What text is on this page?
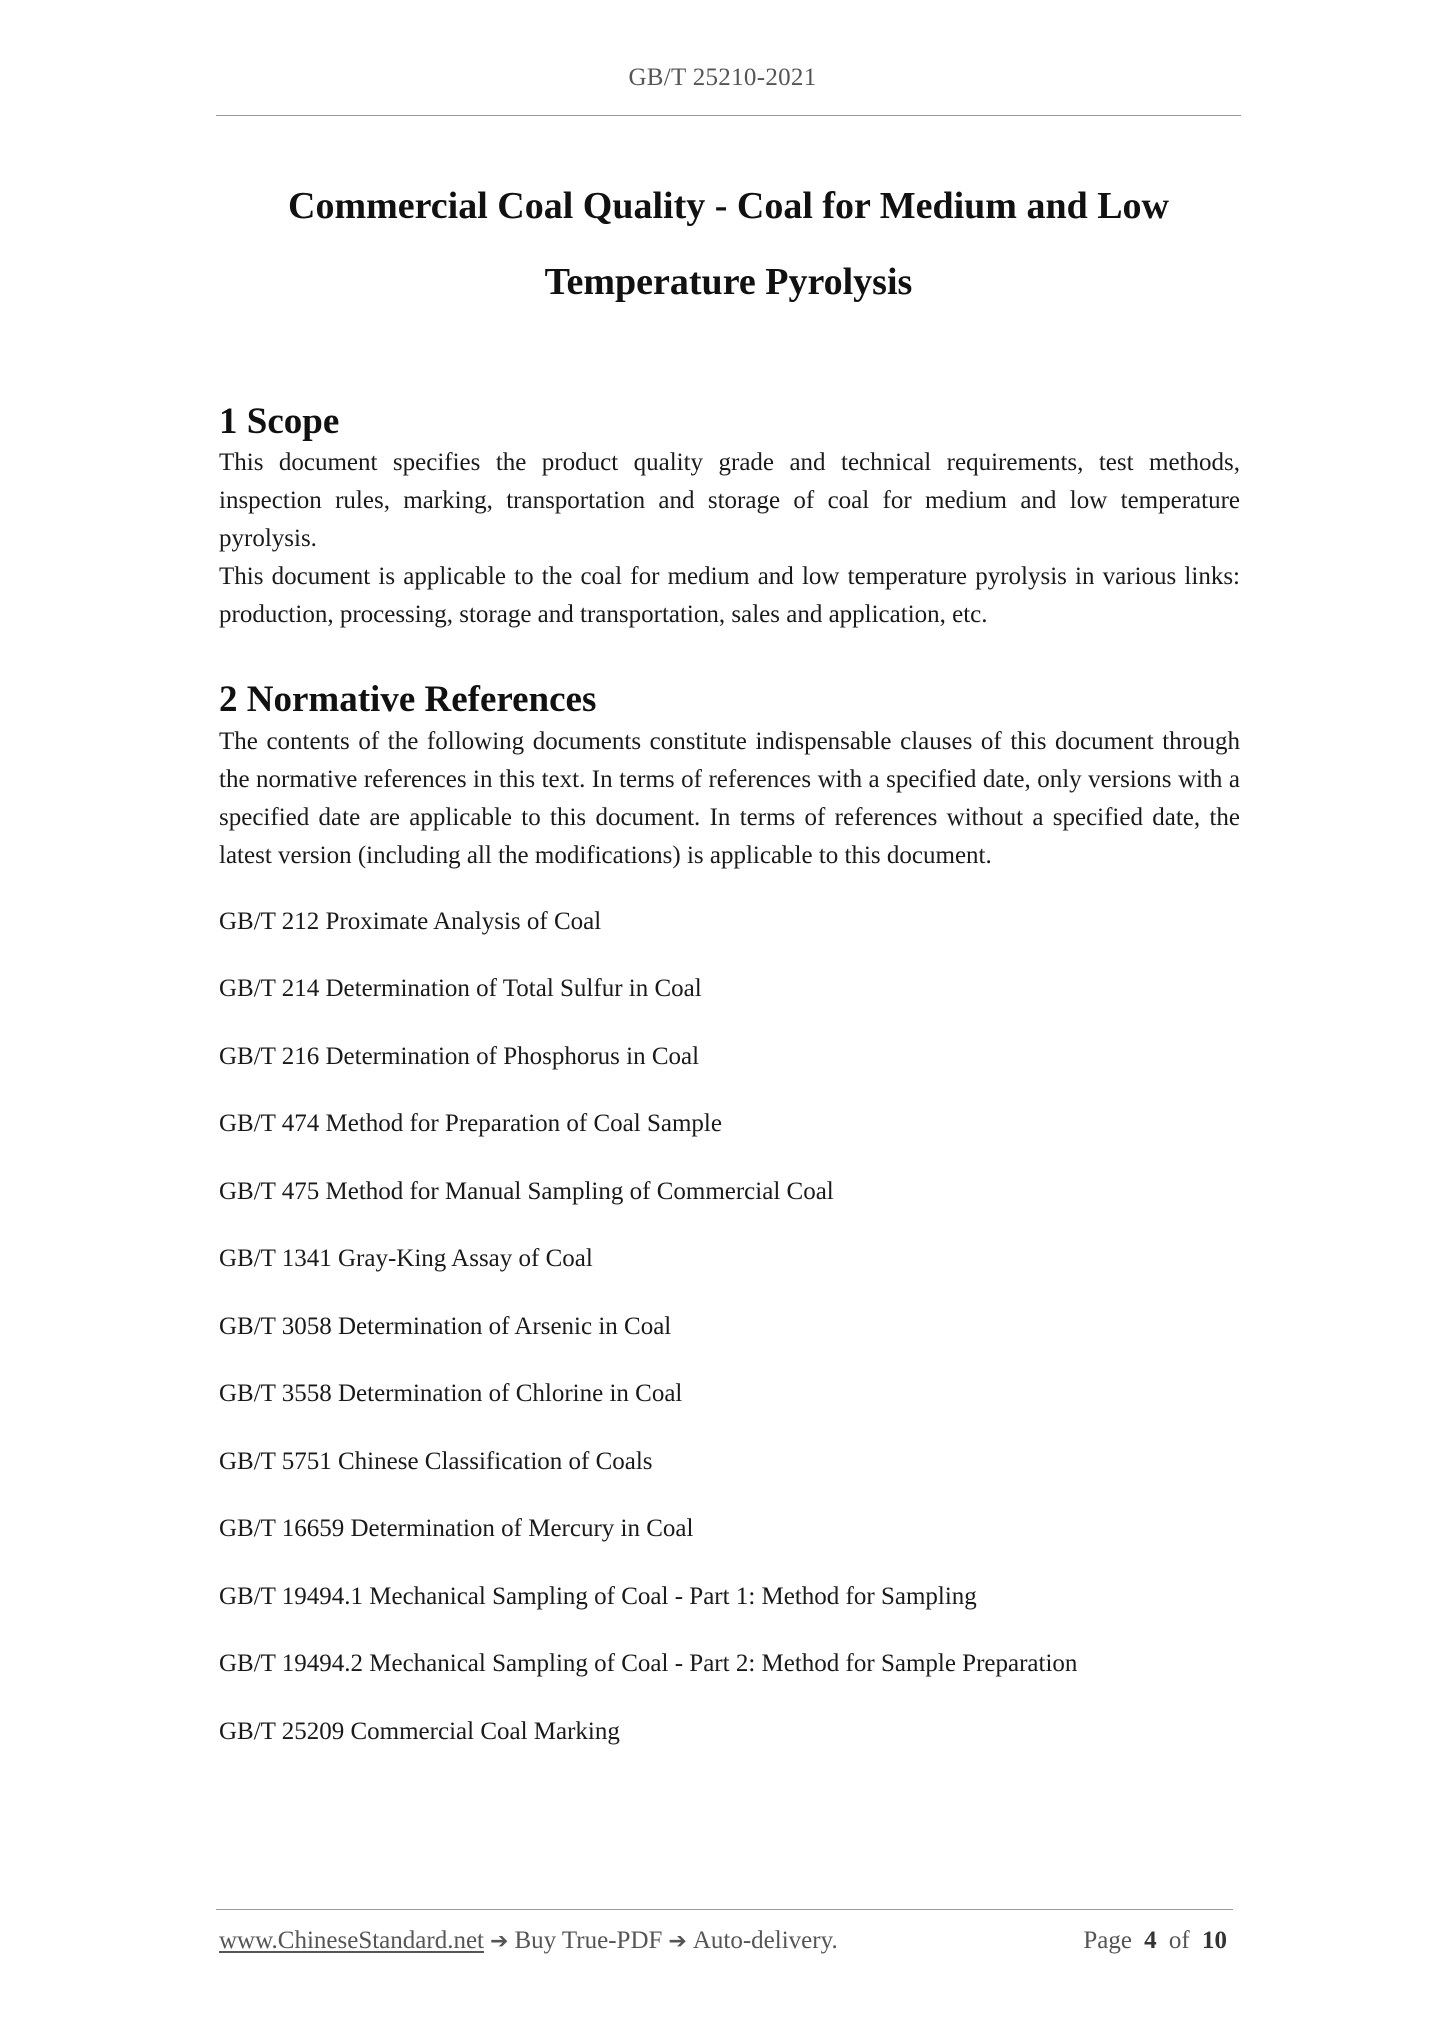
GB/T 25210-2021
Commercial Coal Quality - Coal for Medium and Low
Temperature Pyrolysis
1 Scope

This document specifies the product quality grade and technical requirements, test methods, inspection rules, marking, transportation and storage of coal for medium and low temperature pyrolysis.

This document is applicable to the coal for medium and low temperature pyrolysis in various links: production, processing, storage and transportation, sales and application, etc.

2 Normative References

The contents of the following documents constitute indispensable clauses of this document through the normative references in this text. In terms of references with a specified date, only versions with a specified date are applicable to this document. In terms of references without a specified date, the latest version (including all the modifications) is applicable to this document.

GB/T 212 Proximate Analysis of Coal
GB/T 214 Determination of Total Sulfur in Coal
GB/T 216 Determination of Phosphorus in Coal
GB/T 474 Method for Preparation of Coal Sample
GB/T 475 Method for Manual Sampling of Commercial Coal
GB/T 1341 Gray-King Assay of Coal
GB/T 3058 Determination of Arsenic in Coal
GB/T 3558 Determination of Chlorine in Coal
GB/T 5751 Chinese Classification of Coals
GB/T 16659 Determination of Mercury in Coal
GB/T 19494.1 Mechanical Sampling of Coal - Part 1: Method for Sampling
GB/T 19494.2 Mechanical Sampling of Coal - Part 2: Method for Sample Preparation
GB/T 25209 Commercial Coal Marking
www.ChineseStandard.net ➔ Buy True-PDF ➔ Auto-delivery.	Page 4 of 10
